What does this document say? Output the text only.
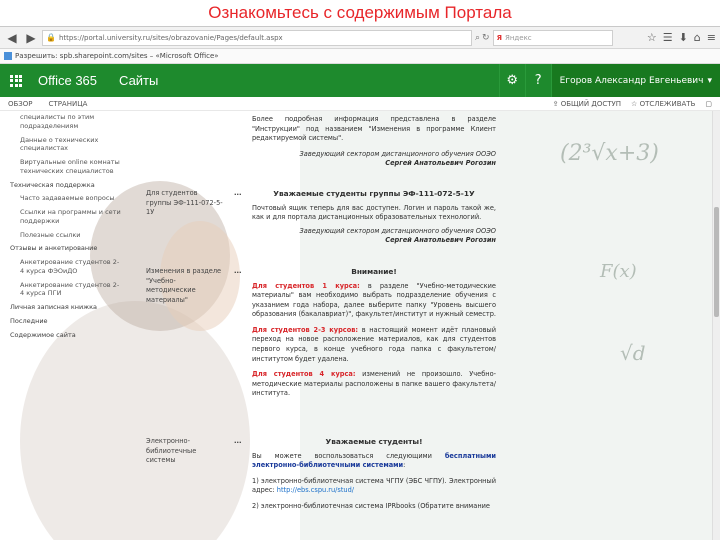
Ознакомьтесь с содержимым Портала
◀ ▶	🔒 https://portal.university.ru/sites/obrazovanie/Pages/default.aspx	⌕ ↻ Я Яндекс	☆ ☰ ⬇ ⌂ ≡
Разрешить: spb.sharepoint.com/sites – «Microsoft Office»
Office 365 Сайты	⚙	?	Егоров Александр Евгеньевич ▾
ОБЗОР СТРАНИЦА	⇪ ОБЩИЙ ДОСТУП ☆ ОТСЛЕЖИВАТЬ ▢
(2³√x+3)
F(x)
√d
специалисты по этим подразделениям
Данные о технических специалистах
Виртуальные online комнаты технических специалистов
Техническая поддержка
Часто задаваемые вопросы
Ссылки на программы и сети поддержки
Полезные ссылки
Отзывы и анкетирование
Анкетирование студентов 2-4 курса ФЭОиДО
Анкетирование студентов 2-4 курса ПГИ
Личная записная книжка
Последние
Содержимое сайта
Более подробная информация представлена в разделе "Инструкции" под названием "Изменения в программе Клиент редактируемой системы".
Заведующий сектором дистанционного обучения ООЭО
Сергей Анатольевич Рогозин
Для студентов группы ЭФ-111-072-5-1У
...	Уважаемые студенты группы ЭФ-111-072-5-1У
Почтовый ящик теперь для вас доступен. Логин и пароль такой же, как и для портала дистанционных образовательных технологий.
Заведующий сектором дистанционного обучения ООЭО
Сергей Анатольевич Рогозин
Изменения в разделе "Учебно-методические материалы"
...	Внимание!
Для студентов 1 курса: в разделе "Учебно-методические материалы" вам необходимо выбрать подразделение обучения с указанием года набора, далее выберите папку "Уровень высшего образования (бакалавриат)", факультет/институт и нужный семестр.
Для студентов 2-3 курсов: в настоящий момент идёт плановый переход на новое расположение материалов, как для студентов первого курса, в конце учебного года папка с факультетом/институтом будет удалена.
Для студентов 4 курса: изменений не произошло. Учебно-методические материалы расположены в папке вашего факультета/института.
Электронно-библиотечные системы
...	Уважаемые студенты!
Вы можете воспользоваться следующими бесплатными электронно-библиотечными системами:
1) электронно-библиотечная система ЧГПУ (ЭБС ЧГПУ). Электронный адрес: http://ebs.cspu.ru/stud/
2) электронно-библиотечная система IPRbooks (Обратите внимание
